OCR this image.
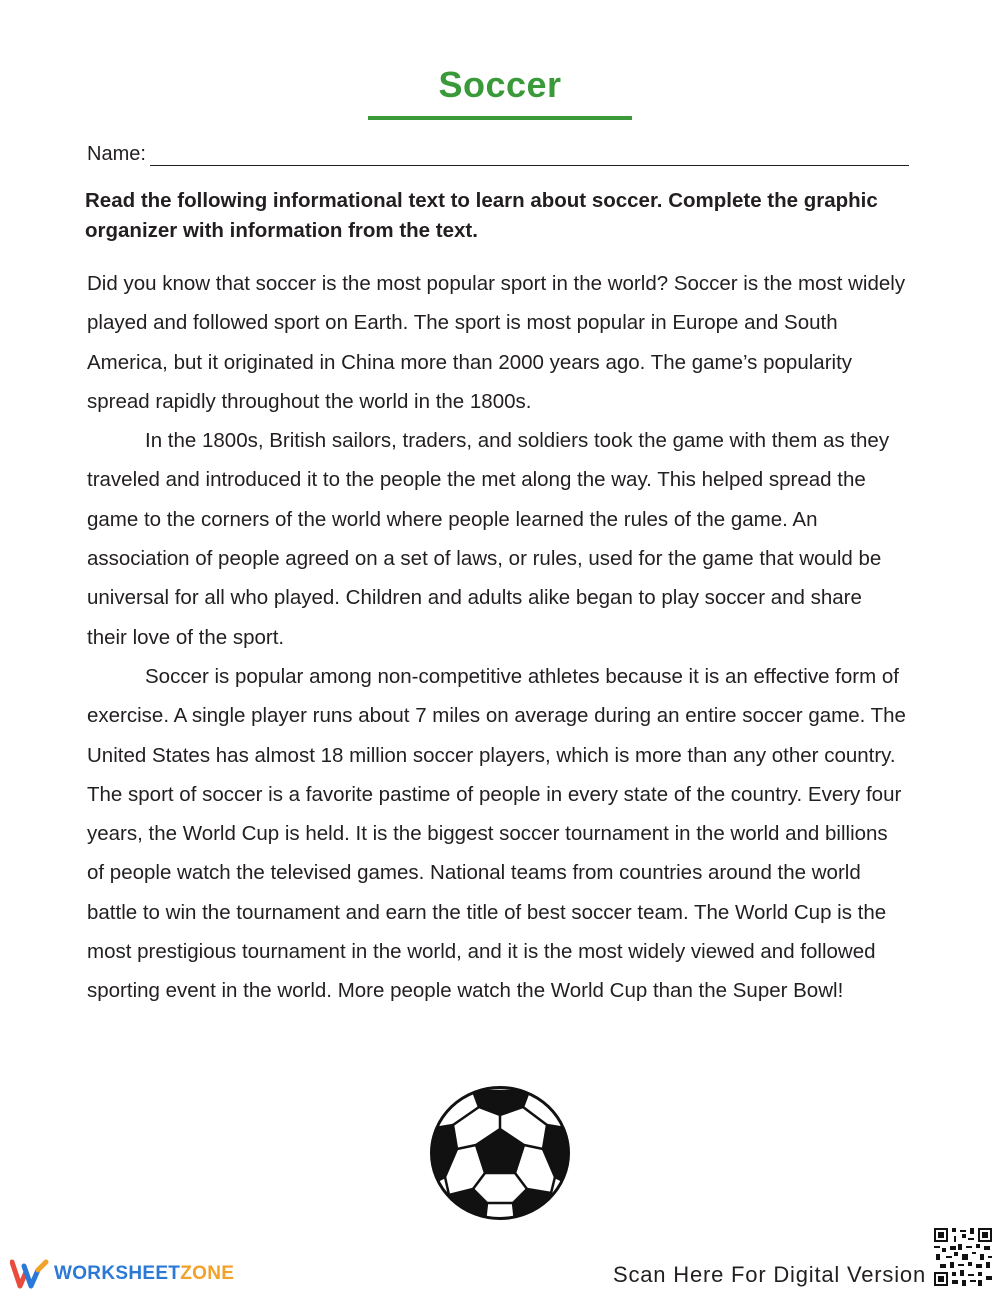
Soccer
Name:

Read the following informational text to learn about soccer. Complete the graphic organizer with information from the text.

Did you know that soccer is the most popular sport in the world? Soccer is the most widely played and followed sport on Earth. The sport is most popular in Europe and South America, but it originated in China more than 2000 years ago. The game’s popularity spread rapidly throughout the world in the 1800s.

In the 1800s, British sailors, traders, and soldiers took the game with them as they traveled and introduced it to the people the met along the way. This helped spread the game to the corners of the world where people learned the rules of the game. An association of people agreed on a set of laws, or rules, used for the game that would be universal for all who played. Children and adults alike began to play soccer and share their love of the sport.

Soccer is popular among non-competitive athletes because it is an effective form of exercise. A single player runs about 7 miles on average during an entire soccer game. The United States has almost 18 million soccer players, which is more than any other country. The sport of soccer is a favorite pastime of people in every state of the country. Every four years, the World Cup is held. It is the biggest soccer tournament in the world and billions of people watch the televised games. National teams from countries around the world battle to win the tournament and earn the title of best soccer team. The World Cup is the most prestigious tournament in the world, and it is the most widely viewed and followed sporting event in the world. More people watch the World Cup than the Super Bowl!

WORKSHEETZONE	Scan Here For Digital Version
